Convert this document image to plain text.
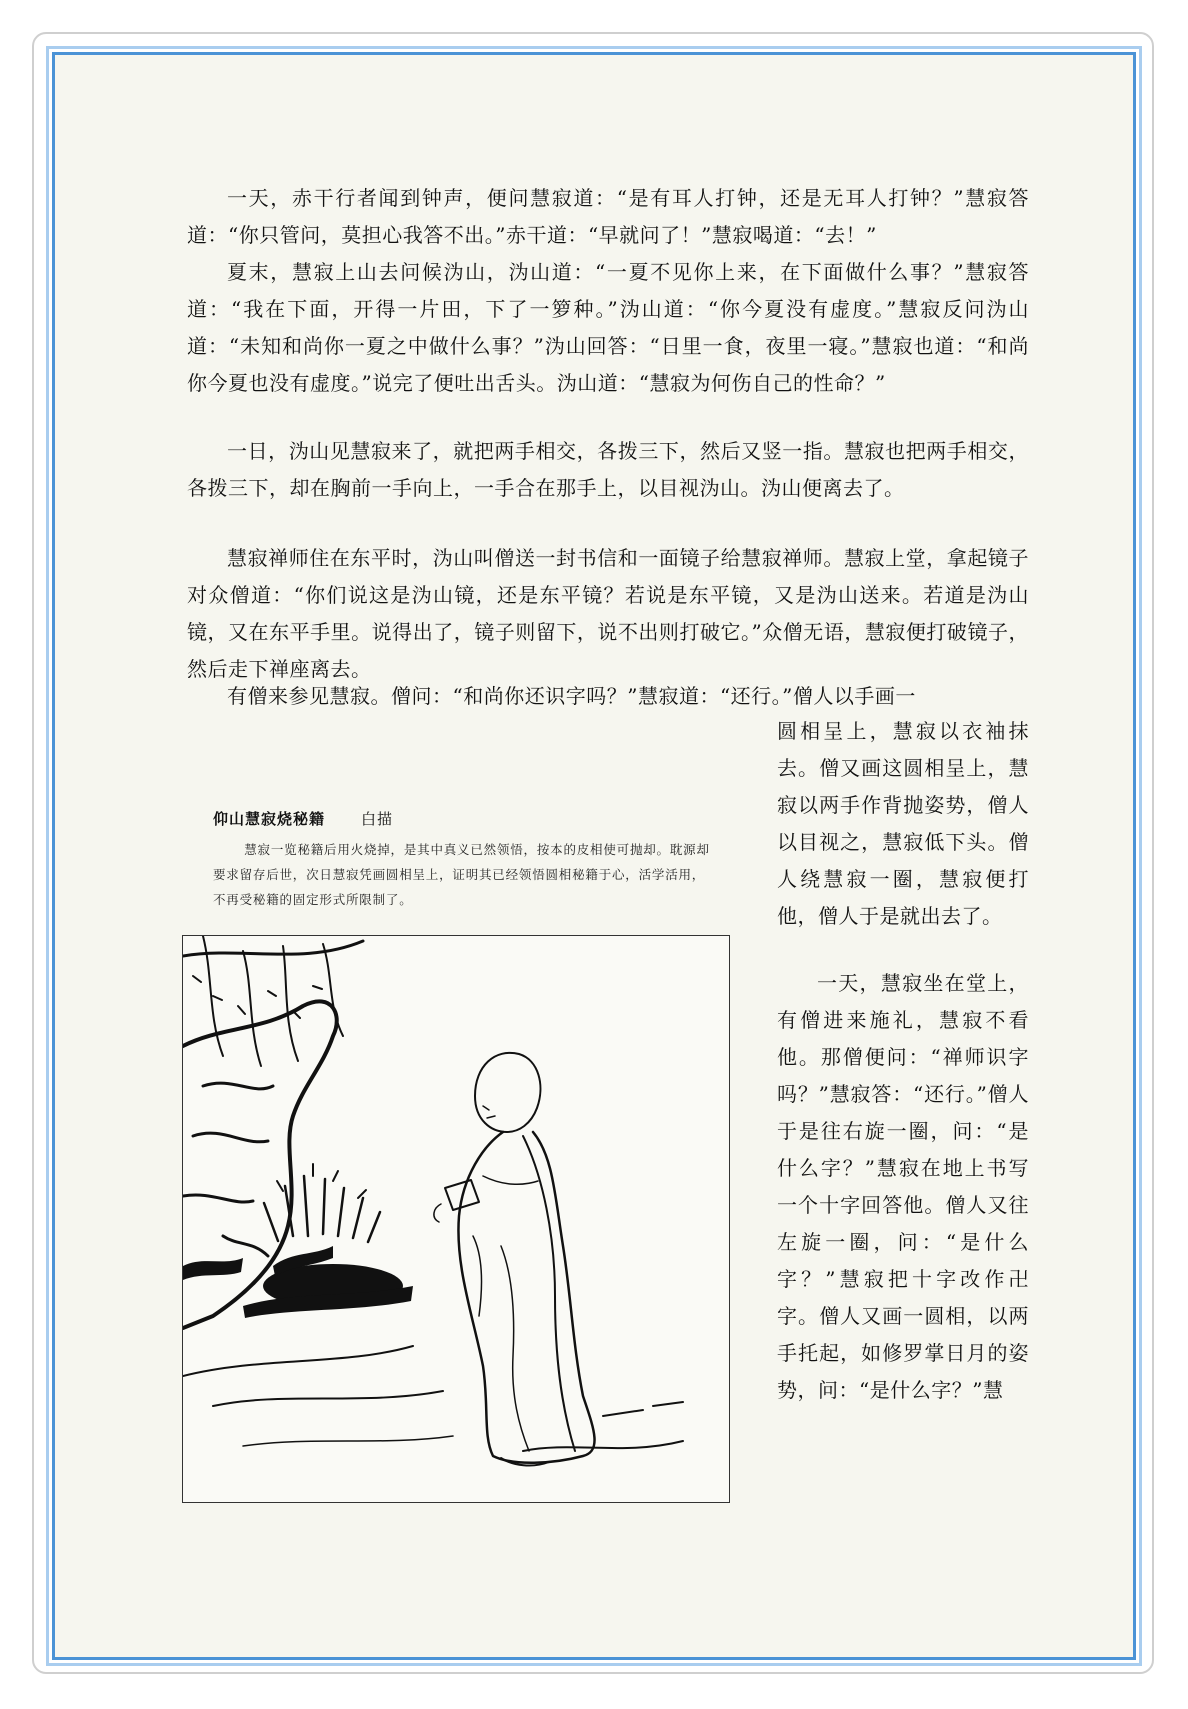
一天，赤干行者闻到钟声，便问慧寂道：“是有耳人打钟，还是无耳人打钟？”慧寂答道：“你只管问，莫担心我答不出。”赤干道：“早就问了！”慧寂喝道：“去！”

夏末，慧寂上山去问候沩山，沩山道：“一夏不见你上来，在下面做什么事？”慧寂答道：“我在下面，开得一片田，下了一箩种。”沩山道：“你今夏没有虚度。”慧寂反问沩山道：“未知和尚你一夏之中做什么事？”沩山回答：“日里一食，夜里一寝。”慧寂也道：“和尚你今夏也没有虚度。”说完了便吐出舌头。沩山道：“慧寂为何伤自己的性命？”

一日，沩山见慧寂来了，就把两手相交，各拨三下，然后又竖一指。慧寂也把两手相交，各拨三下，却在胸前一手向上，一手合在那手上，以目视沩山。沩山便离去了。

慧寂禅师住在东平时，沩山叫僧送一封书信和一面镜子给慧寂禅师。慧寂上堂，拿起镜子对众僧道：“你们说这是沩山镜，还是东平镜？若说是东平镜，又是沩山送来。若道是沩山镜，又在东平手里。说得出了，镜子则留下，说不出则打破它。”众僧无语，慧寂便打破镜子，然后走下禅座离去。

有僧来参见慧寂。僧问：“和尚你还识字吗？”慧寂道：“还行。”僧人以手画一

圆相呈上，慧寂以衣袖抹去。僧又画这圆相呈上，慧寂以两手作背抛姿势，僧人以目视之，慧寂低下头。僧人绕慧寂一圈，慧寂便打他，僧人于是就出去了。

一天，慧寂坐在堂上，有僧进来施礼，慧寂不看他。那僧便问：“禅师识字吗？”慧寂答：“还行。”僧人于是往右旋一圈，问：“是什么字？”慧寂在地上书写一个十字回答他。僧人又往左旋一圈，问：“是什么字？”慧寂把十字改作卍字。僧人又画一圆相，以两手托起，如修罗掌日月的姿势，问：“是什么字？”慧

仰山慧寂烧秘籍 白描

慧寂一览秘籍后用火烧掉，是其中真义已然领悟，按本的皮相使可抛却。耽源却要求留存后世，次日慧寂凭画圆相呈上，证明其已经领悟圆相秘籍于心，活学活用，不再受秘籍的固定形式所限制了。
